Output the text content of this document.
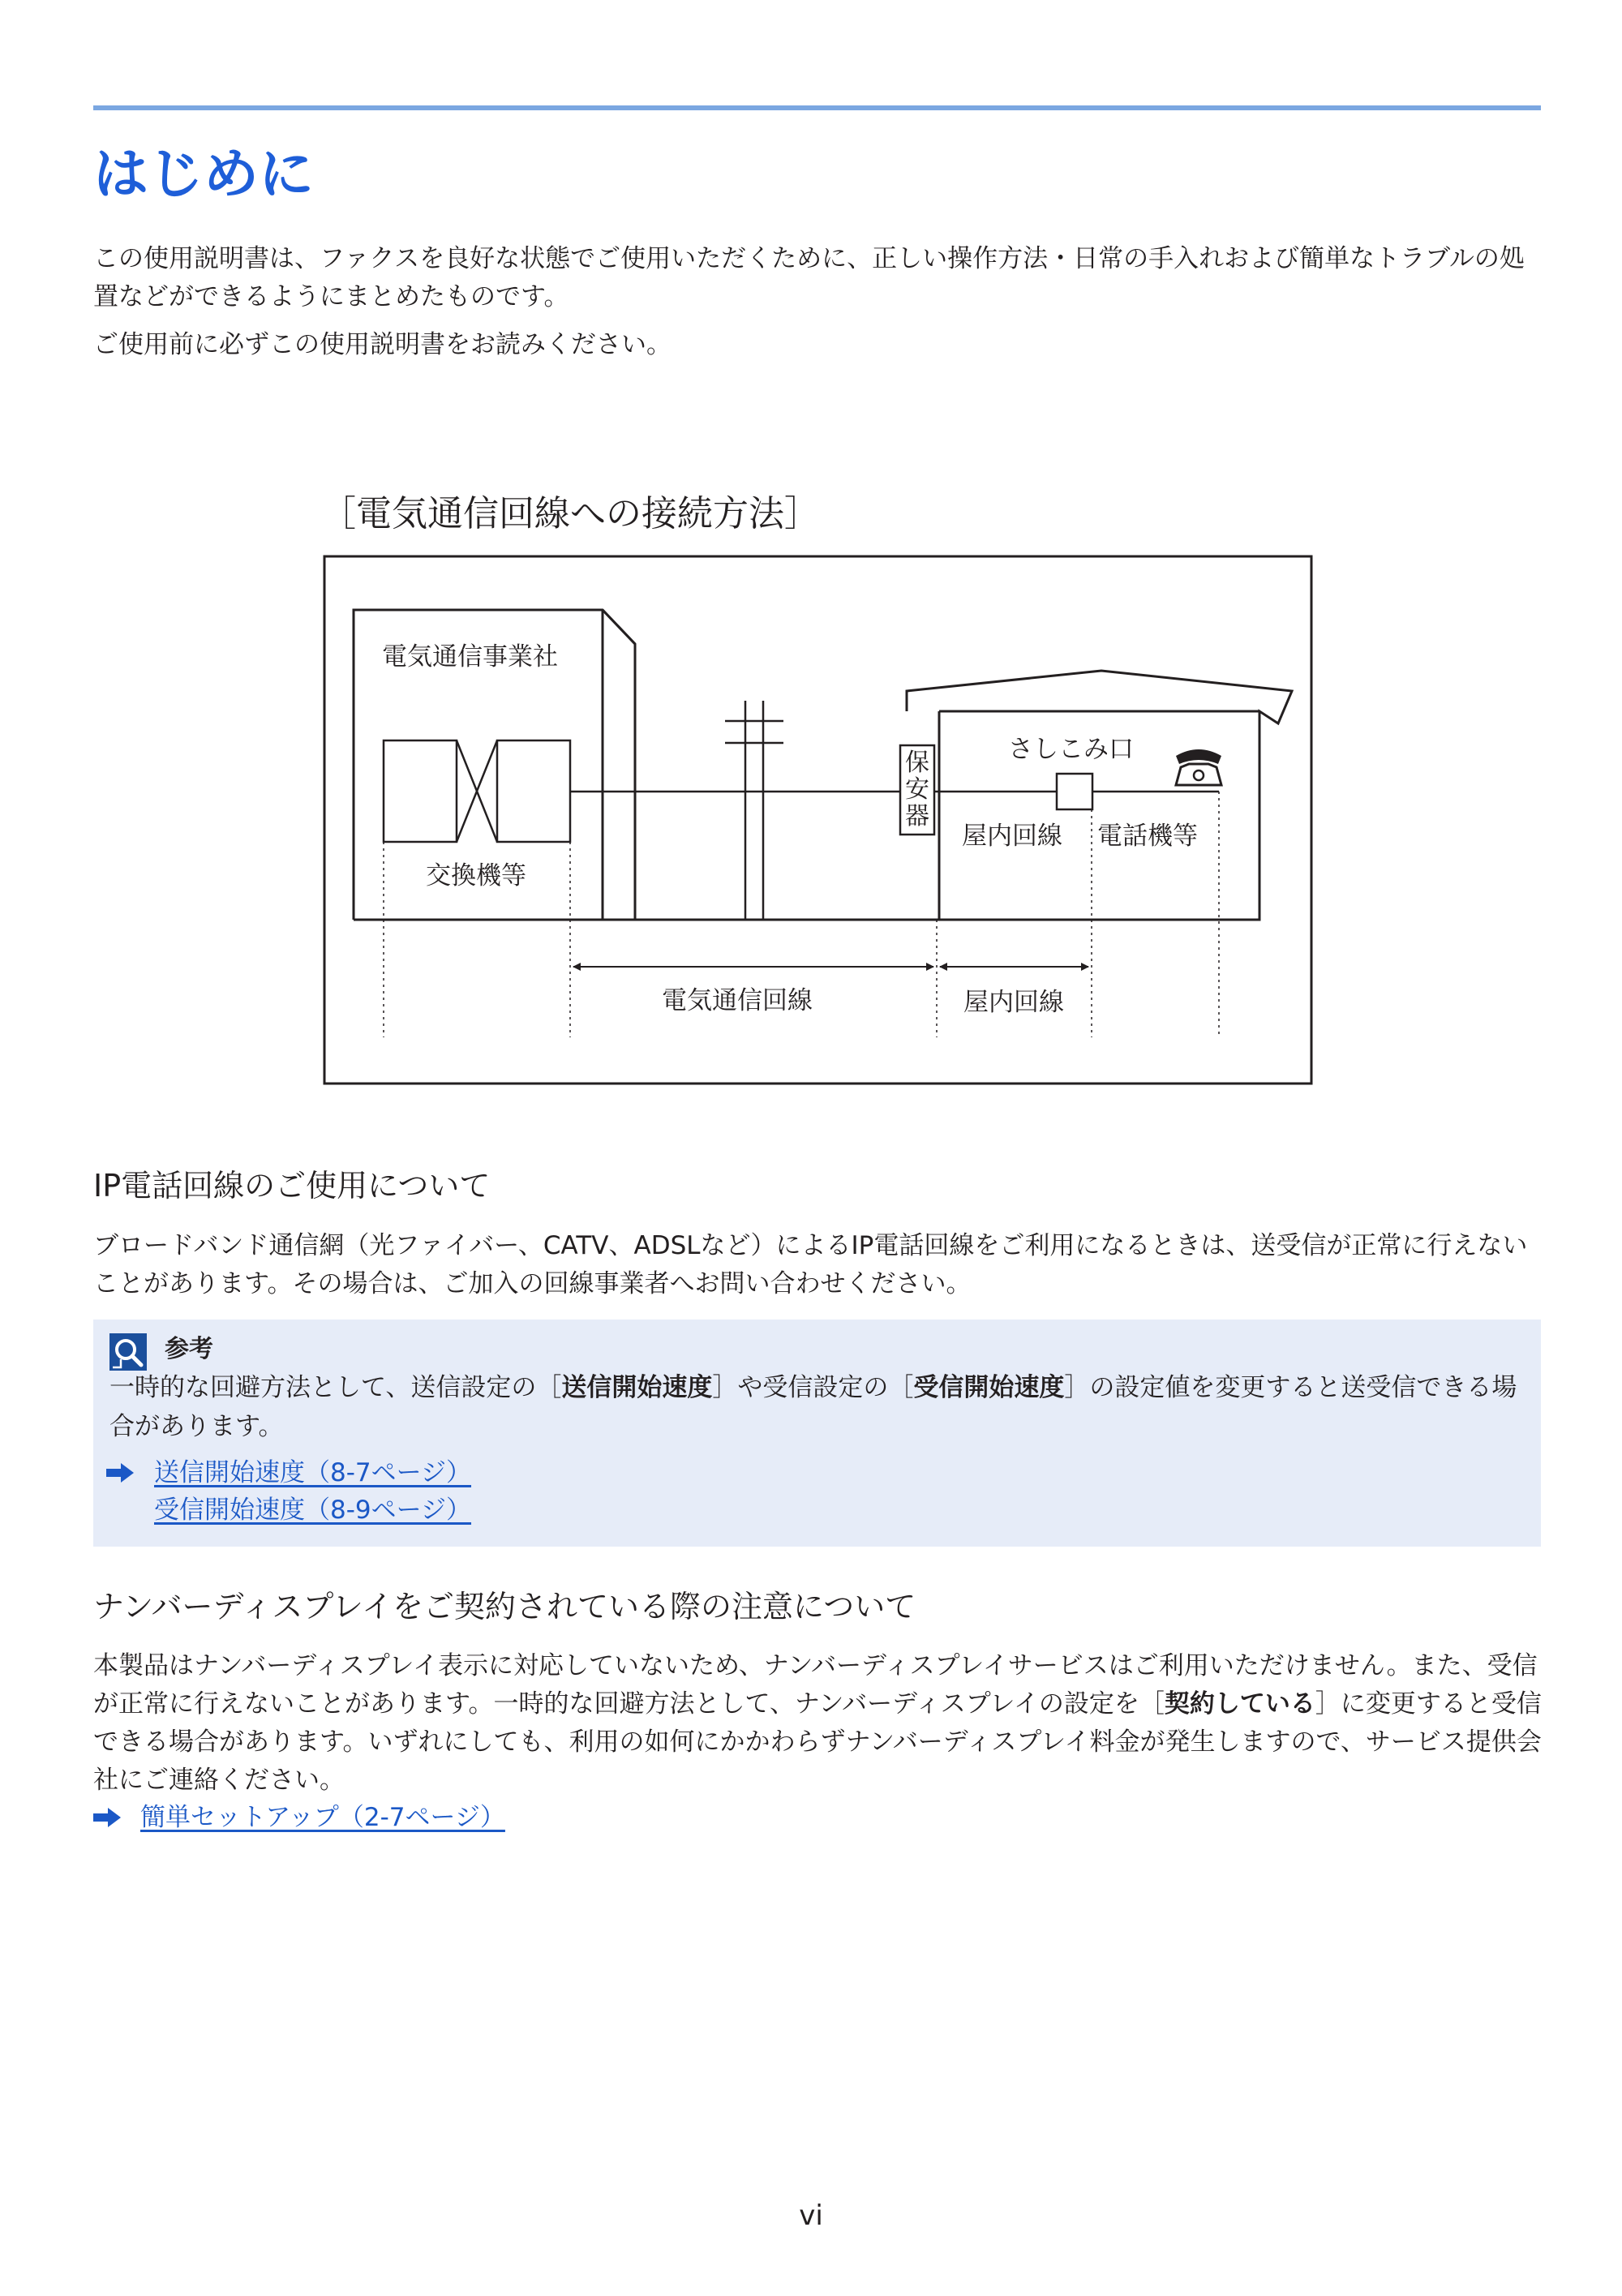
はじめに

この使用説明書は、ファクスを良好な状態でご使用いただくために、正しい操作方法・日常の手入れおよび簡単なトラブルの処置などができるようにまとめたものです。

ご使用前に必ずこの使用説明書をお読みください。

［電気通信回線への接続方法］
電気通信事業社
交換機等
保
安
器
さしこみ口
屋内回線 電話機等
電気通信回線	屋内回線
IP電話回線のご使用について

ブロードバンド通信網（光ファイバー、CATV、ADSLなど）によるIP電話回線をご利用になるときは、送受信が正常に行えないことがあります。その場合は、ご加入の回線事業者へお問い合わせください。

参考

一時的な回避方法として、送信設定の［送信開始速度］や受信設定の［受信開始速度］の設定値を変更すると送受信できる場合があります。

送信開始速度（8-7ページ）
受信開始速度（8-9ページ）
ナンバーディスプレイをご契約されている際の注意について

本製品はナンバーディスプレイ表示に対応していないため、ナンバーディスプレイサービスはご利用いただけません。また、受信が正常に行えないことがあります。一時的な回避方法として、ナンバーディスプレイの設定を［契約している］に変更すると受信できる場合があります。いずれにしても、利用の如何にかかわらずナンバーディスプレイ料金が発生しますので、サービス提供会社にご連絡ください。

簡単セットアップ（2-7ページ）
vi
